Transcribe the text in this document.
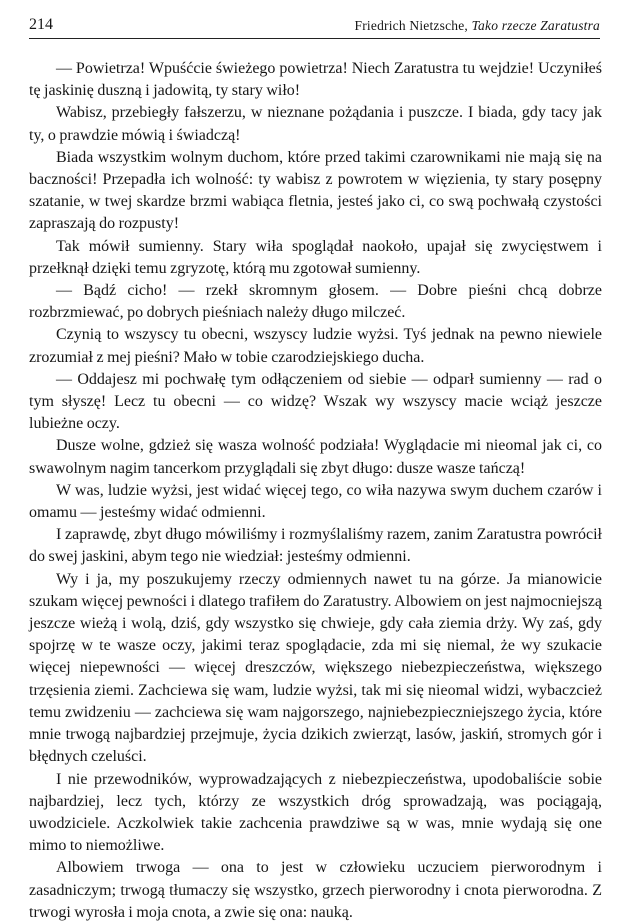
214	Friedrich Nietzsche, Tako rzecze Zaratustra

— Powietrza! Wpuśćcie świeżego powietrza! Niech Zaratustra tu wejdzie! Uczyniłeś tę jaskinię duszną i jadowitą, ty stary wiło!

Wabisz, przebiegły fałszerzu, w nieznane pożądania i puszcze. I biada, gdy tacy jak ty, o prawdzie mówią i świadczą!

Biada wszystkim wolnym duchom, które przed takimi czarownikami nie mają się na baczności! Przepadła ich wolność: ty wabisz z powrotem w więzienia, ty stary posępny szatanie, w twej skardze brzmi wabiąca fletnia, jesteś jako ci, co swą pochwałą czystości zapraszają do rozpusty!

Tak mówił sumienny. Stary wiła spoglądał naokoło, upajał się zwycięstwem i przełknął dzięki temu zgryzotę, którą mu zgotował sumienny.

— Bądź cicho! — rzekł skromnym głosem. — Dobre pieśni chcą dobrze rozbrzmiewać, po dobrych pieśniach należy długo milczeć.

Czynią to wszyscy tu obecni, wszyscy ludzie wyżsi. Tyś jednak na pewno niewiele zrozumiał z mej pieśni? Mało w tobie czarodziejskiego ducha.

— Oddajesz mi pochwałę tym odłączeniem od siebie — odparł sumienny — rad o tym słyszę! Lecz tu obecni — co widzę? Wszak wy wszyscy macie wciąż jeszcze lubieżne oczy.

Dusze wolne, gdzież się wasza wolność podziała! Wyglądacie mi nieomal jak ci, co swawolnym nagim tancerkom przyglądali się zbyt długo: dusze wasze tańczą!

W was, ludzie wyżsi, jest widać więcej tego, co wiła nazywa swym duchem czarów i omamu — jesteśmy widać odmienni.

I zaprawdę, zbyt długo mówiliśmy i rozmyślaliśmy razem, zanim Zaratustra powrócił do swej jaskini, abym tego nie wiedział: jesteśmy odmienni.

Wy i ja, my poszukujemy rzeczy odmiennych nawet tu na górze. Ja mianowicie szukam więcej pewności i dlatego trafiłem do Zaratustry. Albowiem on jest najmocniejszą jeszcze wieżą i wolą, dziś, gdy wszystko się chwieje, gdy cała ziemia drży. Wy zaś, gdy spojrzę w te wasze oczy, jakimi teraz spoglądacie, zda mi się niemal, że wy szukacie więcej niepewności — więcej dreszczów, większego niebezpieczeństwa, większego trzęsienia ziemi. Zachciewa się wam, ludzie wyżsi, tak mi się nieomal widzi, wybaczcież temu zwidzeniu — zachciewa się wam najgorszego, najniebezpieczniejszego życia, które mnie trwogą najbardziej przejmuje, życia dzikich zwierząt, lasów, jaskiń, stromych gór i błędnych czeluści.

I nie przewodników, wyprowadzających z niebezpieczeństwa, upodobaliście sobie najbardziej, lecz tych, którzy ze wszystkich dróg sprowadzają, was pociągają, uwodziciele. Aczkolwiek takie zachcenia prawdziwe są w was, mnie wydają się one mimo to niemożliwe.

Albowiem trwoga — ona to jest w człowieku uczuciem pierworodnym i zasadniczym; trwogą tłumaczy się wszystko, grzech pierworodny i cnota pierworodna. Z trwogi wyrosła i moja cnota, a zwie się ona: nauką.
